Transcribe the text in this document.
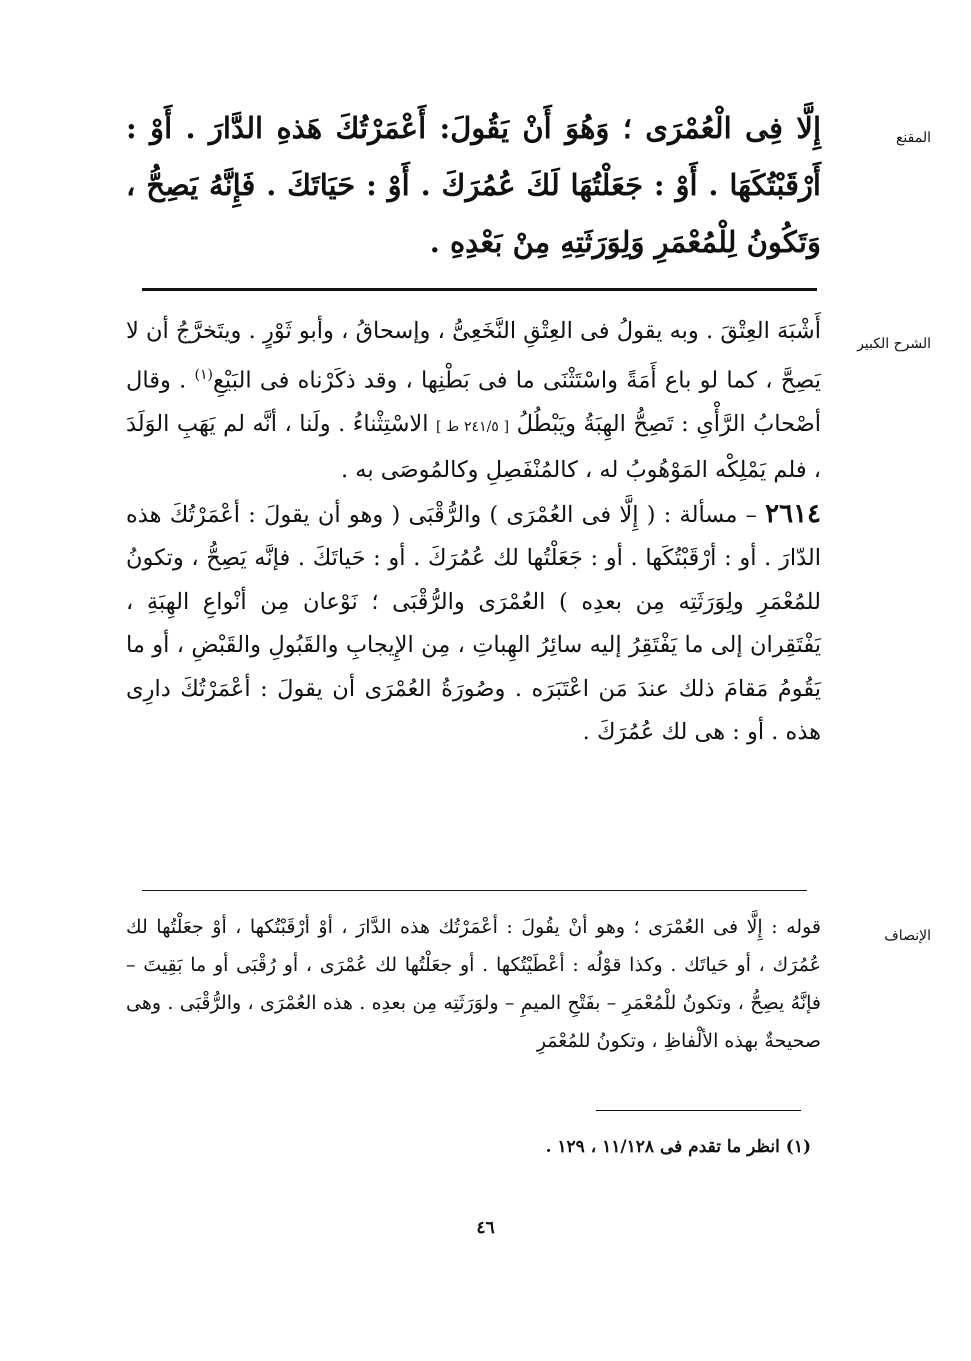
المقنع
إِلَّا فِى الْعُمْرَى ؛ وَهُوَ أَنْ يَقُولَ: أَعْمَرْتُكَ هَذهِ الدَّارَ . أَوْ : أَرْقَبْتُكَهَا . أَوْ : جَعَلْتُهَا لَكَ عُمُرَكَ . أَوْ : حَيَاتَكَ . فَإِنَّهُ يَصِحُّ ، وَتَكُونُ لِلْمُعْمَرِ وَلِوَرَثَتِهِ مِنْ بَعْدِهِ .
الشرح الكبير
أَشْبَهَ العِتْقَ . وبه يقولُ فى العِتْقِ النَّخَعِىُّ ، وإسحاقُ ، وأبو ثَوْرٍ . ويتَخرَّجُ أن لا يَصِحَّ ، كما لو باع أَمَةً واسْتَثْنَى ما فى بَطْنِها ، وقد ذكَرْناه فى البَيْعِ$^{(١)}$ . وقال أصْحابُ الرَّأْىِ : تَصِحُّ الهِبَةُ ويَبْطُلُ [ ٢٤١/٥ ط ] الاسْتِثْناءُ . ولَنا ، أنَّه لم يَهَبِ الوَلَدَ ، فلم يَمْلِكْه المَوْهُوبُ له ، كالمُنْفَصِلِ وكالمُوصَى به .
٢٦١٤ – مسألة : ( إِلَّا فى العُمْرَى ) والرُّقْبَى ( وهو أن يقولَ : أعْمَرْتُكَ هذه الدّارَ . أو : أرْقَبْتُكَها . أو : جَعَلْتُها لك عُمُرَكَ . أو : حَياتَكَ . فإنَّه يَصِحُّ ، وتكونُ للمُعْمَرِ ولِوَرَثَتِه مِن بعدِه ) العُمْرَى والرُّقْبَى ؛ نَوْعان مِن أنْواعِ الهِبَةِ ، يَفْتَقِران إلى ما يَفْتَقِرُ إليه سائِرُ الهِباتِ ، مِن الإِيجابِ والقَبُولِ والقَبْضِ ، أو ما يَقُومُ مَقامَ ذلك عندَ مَن اعْتَبَرَه . وصُورَةُ العُمْرَى أن يقولَ : أعْمَرْتُكَ دارِى هذه . أو : هى لك عُمُرَكَ .
الإنصاف
قوله : إِلَّا فى العُمْرَى ؛ وهو أنْ يقُولَ : أعْمَرْتُك هذه الدَّارَ ، أوْ أرْقَبْتُكها ، أوْ جعَلْتُها لك عُمُرَك ، أو حَياتَك . وكذا قوْلُه : أعْطَيْتُكها . أو جعَلْتُها لك عُمْرَى ، أو رُقْبَى أو ما بَقِيتَ – فإنَّهُ يصِحُّ ، وتكونُ للْمُعْمَرِ – بفَتْحِ الميمِ – ولوَرَثَتِه مِن بعدِه . هذه العُمْرَى ، والرُّقْبَى . وهى صحيحةٌ بهذه الألْفاظِ ، وتكونُ للمُعْمَرِ
(١) انظر ما تقدم فى ١١/١٢٨ ، ١٢٩ .
٤٦
